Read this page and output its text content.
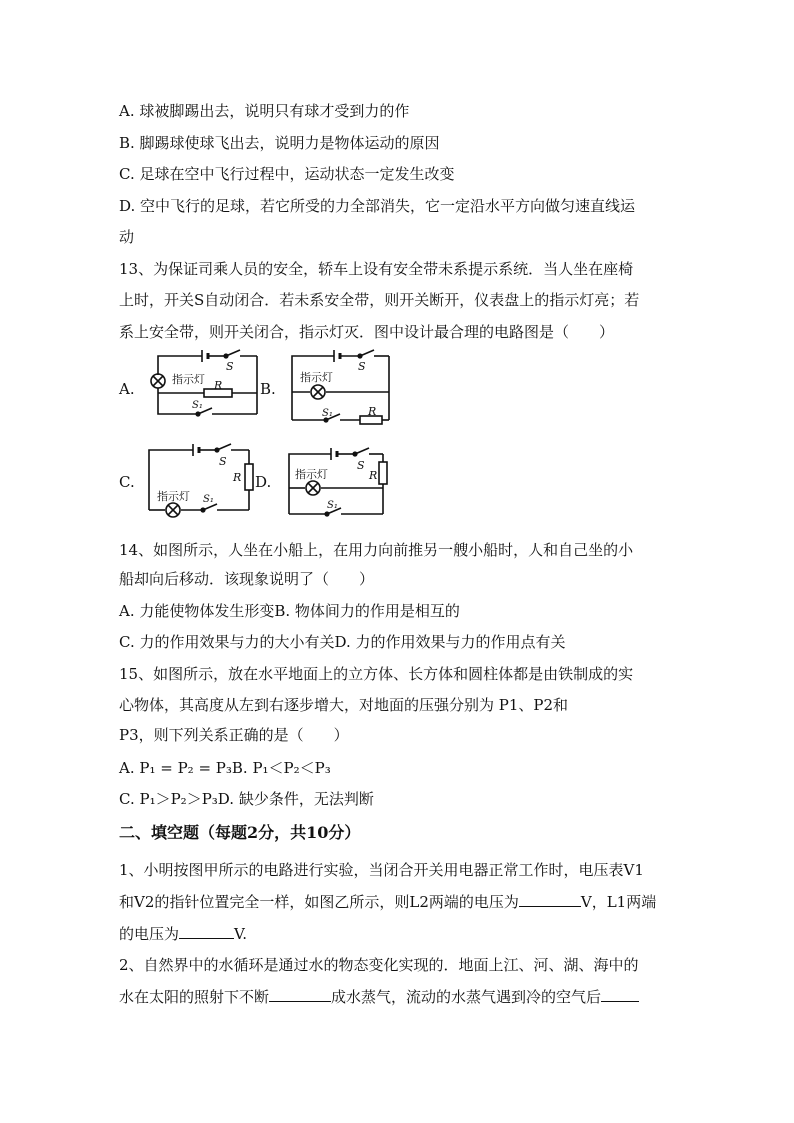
A. 球被脚踢出去，说明只有球才受到力的作
B. 脚踢球使球飞出去，说明力是物体运动的原因
C. 足球在空中飞行过程中，运动状态一定发生改变
D. 空中飞行的足球，若它所受的力全部消失，它一定沿水平方向做匀速直线运
动
13、为保证司乘人员的安全，轿车上设有安全带未系提示系统．当人坐在座椅
上时，开关S自动闭合．若未系安全带，则开关断开，仪表盘上的指示灯亮；若
系上安全带，则开关闭合，指示灯灭．图中设计最合理的电路图是（　　）
A.	B.
C.	D.
指示灯
S
R
S₁
指示灯
S
R
S₁
指示灯
S
R
S₁
指示灯
S
R
S₁
14、如图所示，人坐在小船上，在用力向前推另一艘小船时，人和自己坐的小
船却向后移动．该现象说明了（　　）
A. 力能使物体发生形变B. 物体间力的作用是相互的
C. 力的作用效果与力的大小有关D. 力的作用效果与力的作用点有关
15、如图所示，放在水平地面上的立方体、长方体和圆柱体都是由铁制成的实
心物体，其高度从左到右逐步增大，对地面的压强分别为 P1、P2和
P3，则下列关系正确的是（　　）
A. P₁ = P₂ = P₃B. P₁＜P₂＜P₃
C. P₁＞P₂＞P₃D. 缺少条件，无法判断
二、填空题（每题2分，共10分）
1、小明按图甲所示的电路进行实验，当闭合开关用电器正常工作时，电压表V1
和V2的指针位置完全一样，如图乙所示，则L2两端的电压为	V，L1两端
的电压为	V.
2、自然界中的水循环是通过水的物态变化实现的．地面上江、河、湖、海中的
水在太阳的照射下不断	成水蒸气，流动的水蒸气遇到冷的空气后
